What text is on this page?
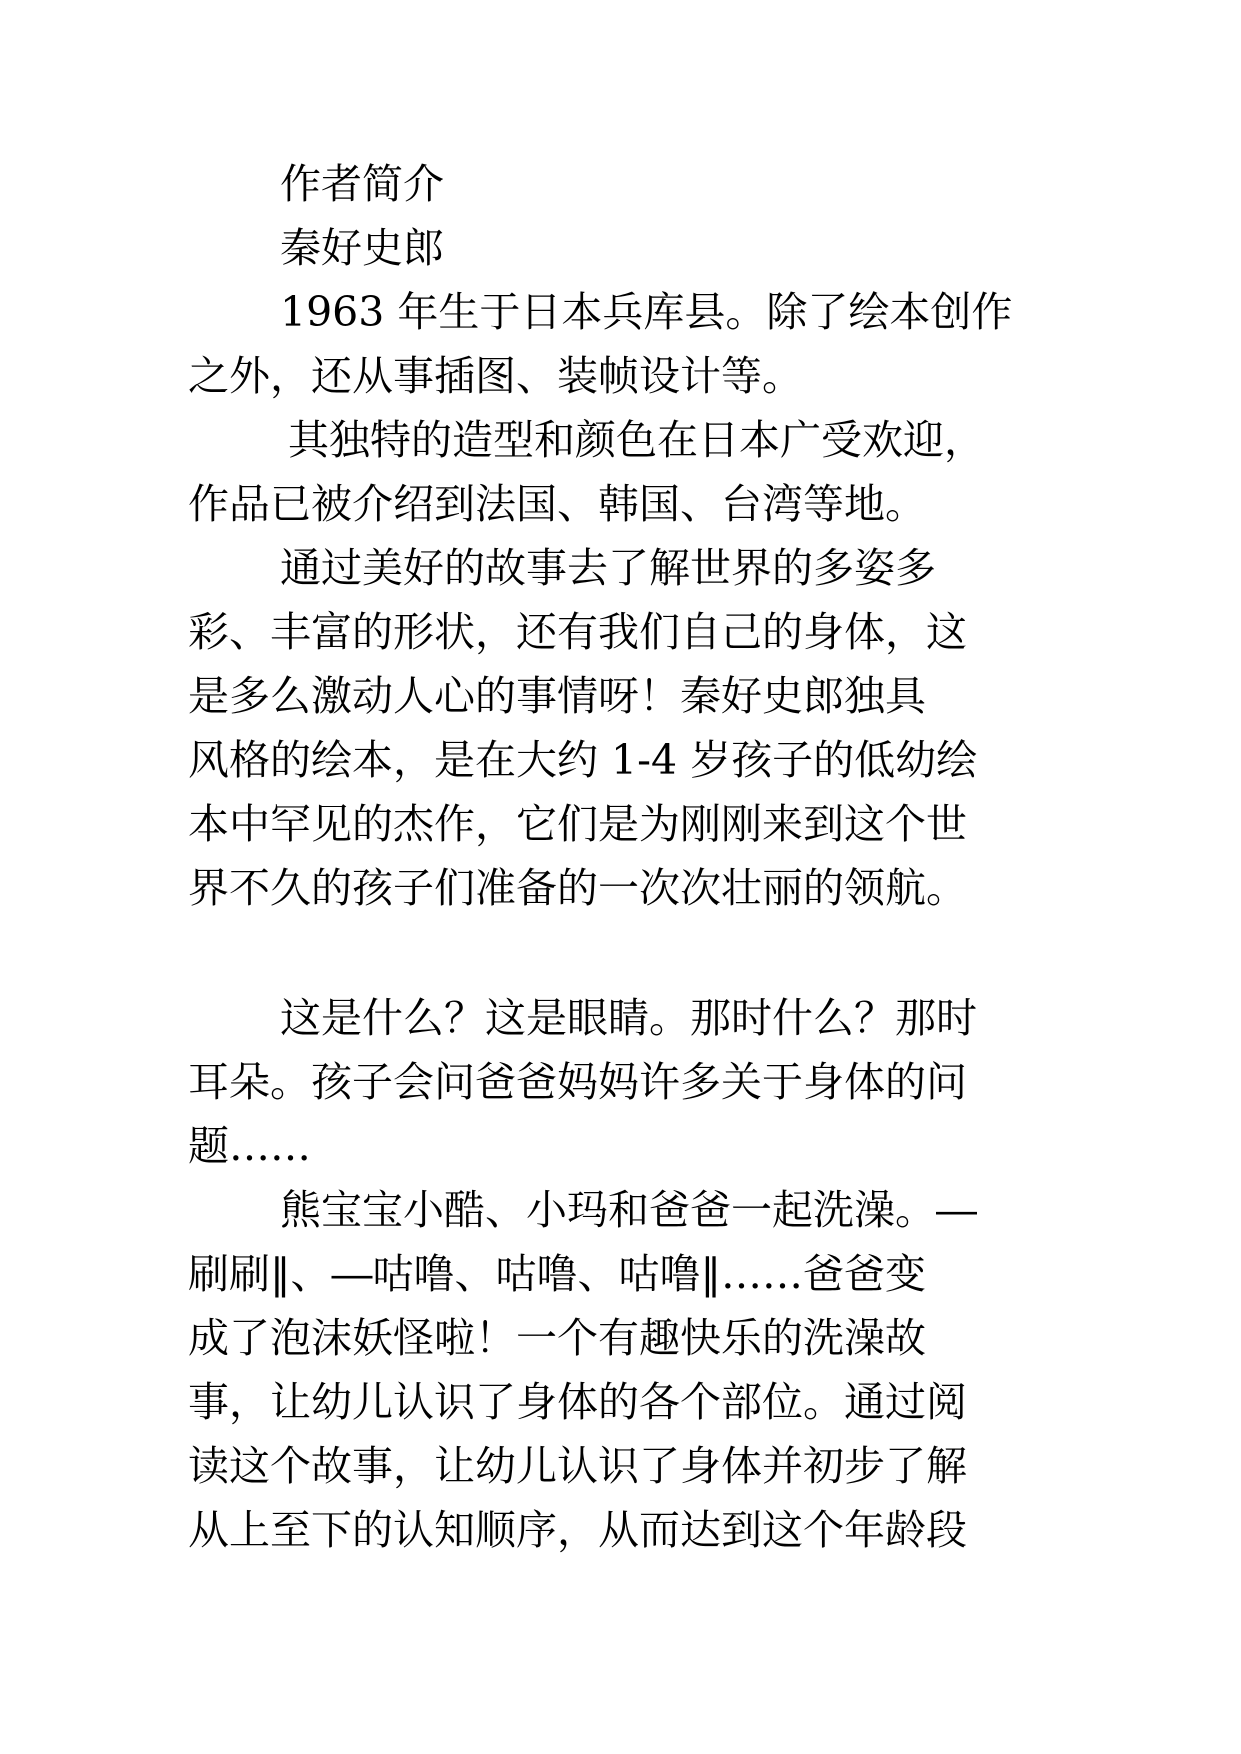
作者简介
秦好史郎
1963 年生于日本兵库县。除了绘本创作
之外，还从事插图、装帧设计等。
其独特的造型和颜色在日本广受欢迎，
作品已被介绍到法国、韩国、台湾等地。
通过美好的故事去了解世界的多姿多
彩、丰富的形状，还有我们自己的身体，这
是多么激动人心的事情呀！秦好史郎独具
风格的绘本，是在大约 1-4 岁孩子的低幼绘
本中罕见的杰作，它们是为刚刚来到这个世
界不久的孩子们准备的一次次壮丽的领航。
这是什么？这是眼睛。那时什么？那时
耳朵。孩子会问爸爸妈妈许多关于身体的问
题……
熊宝宝小酷、小玛和爸爸一起洗澡。―
刷刷‖、―咕噜、咕噜、咕噜‖……爸爸变
成了泡沫妖怪啦！一个有趣快乐的洗澡故
事，让幼儿认识了身体的各个部位。通过阅
读这个故事，让幼儿认识了身体并初步了解
从上至下的认知顺序，从而达到这个年龄段
